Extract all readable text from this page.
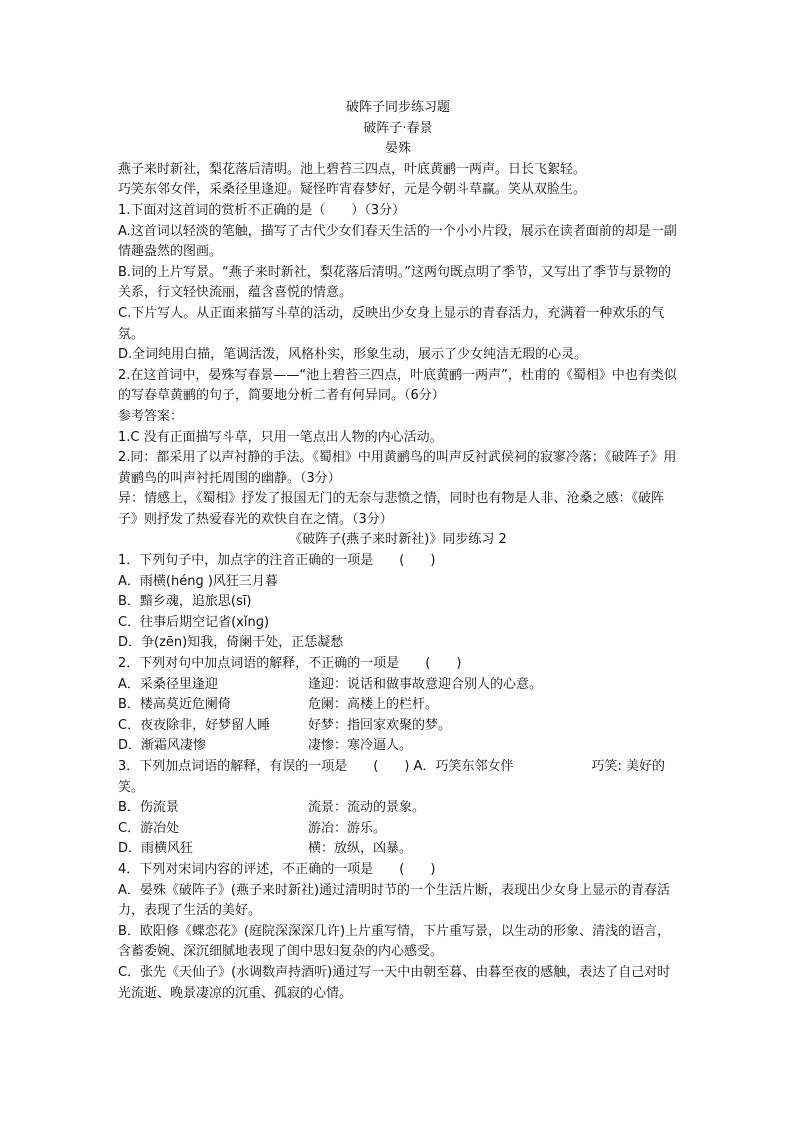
破阵子同步练习题
破阵子·春景
晏殊
燕子来时新社，梨花落后清明。池上碧苔三四点，叶底黄鹂一两声。日长飞絮轻。
巧笑东邻女伴，采桑径里逢迎。疑怪昨宵春梦好，元是今朝斗草赢。笑从双脸生。
1.下面对这首词的赏析不正确的是（　　）（3分）
A.这首词以轻淡的笔触，描写了古代少女们春天生活的一个小小片段，展示在读者面前的却是一副情趣盎然的图画。
B.词的上片写景。“燕子来时新社，梨花落后清明。”这两句既点明了季节，又写出了季节与景物的关系，行文轻快流丽，蕴含喜悦的情意。
C.下片写人。从正面来描写斗草的活动，反映出少女身上显示的青春活力，充满着一种欢乐的气氛。
D.全词纯用白描，笔调活泼，风格朴实，形象生动，展示了少女纯洁无瑕的心灵。
2.在这首词中，晏殊写春景——“池上碧苔三四点，叶底黄鹂一两声”，杜甫的《蜀相》中也有类似的写春草黄鹂的句子，简要地分析二者有何异同。（6分）
参考答案：
1.C 没有正面描写斗草，只用一笔点出人物的内心活动。
2.同：都采用了以声衬静的手法。《蜀相》中用黄鹂鸟的叫声反衬武侯祠的寂寥冷落；《破阵子》用黄鹂鸟的叫声衬托周围的幽静。（3分）
异：情感上，《蜀相》抒发了报国无门的无奈与悲愤之情，同时也有物是人非、沧桑之感：《破阵子》则抒发了热爱春光的欢快自在之情。（3分）
《破阵子(燕子来时新社)》同步练习 2
1．下列句子中，加点字的注音正确的一项是　　(　　)
A．雨横(hénɡ )风狂三月暮
B．黯乡魂，追旅思(sī)
C．往事后期空记省(xǐnɡ)
D．争(zēn)知我，倚阑干处，正恁凝愁
2．下列对句中加点词语的解释，不正确的一项是　　(　　)
A．采桑径里逢迎	逢迎：说话和做事故意迎合别人的心意。
B．楼高莫近危阑倚	危阑：高楼上的栏杆。
C．夜夜除非，好梦留人睡	好梦：指回家欢聚的梦。
D．渐霜风凄惨	凄惨：寒冷逼人。
3．下列加点词语的解释，有误的一项是　　(　　) A．巧笑东邻女伴　　　　　　巧笑: 美好的笑。
B．伤流景	流景：流动的景象。
C．游冶处	游冶：游乐。
D．雨横风狂	横：放纵，凶暴。
4．下列对宋词内容的评述，不正确的一项是　　(　　)
A．晏殊《破阵子》(燕子来时新社)通过清明时节的一个生活片断，表现出少女身上显示的青春活力，表现了生活的美好。
B．欧阳修《蝶恋花》(庭院深深深几许)上片重写情，下片重写景，以生动的形象、清浅的语言，含蓄委婉、深沉细腻地表现了闺中思妇复杂的内心感受。
C．张先《天仙子》(水调数声持酒听)通过写一天中由朝至暮、由暮至夜的感触，表达了自己对时光流逝、晚景凄凉的沉重、孤寂的心情。
